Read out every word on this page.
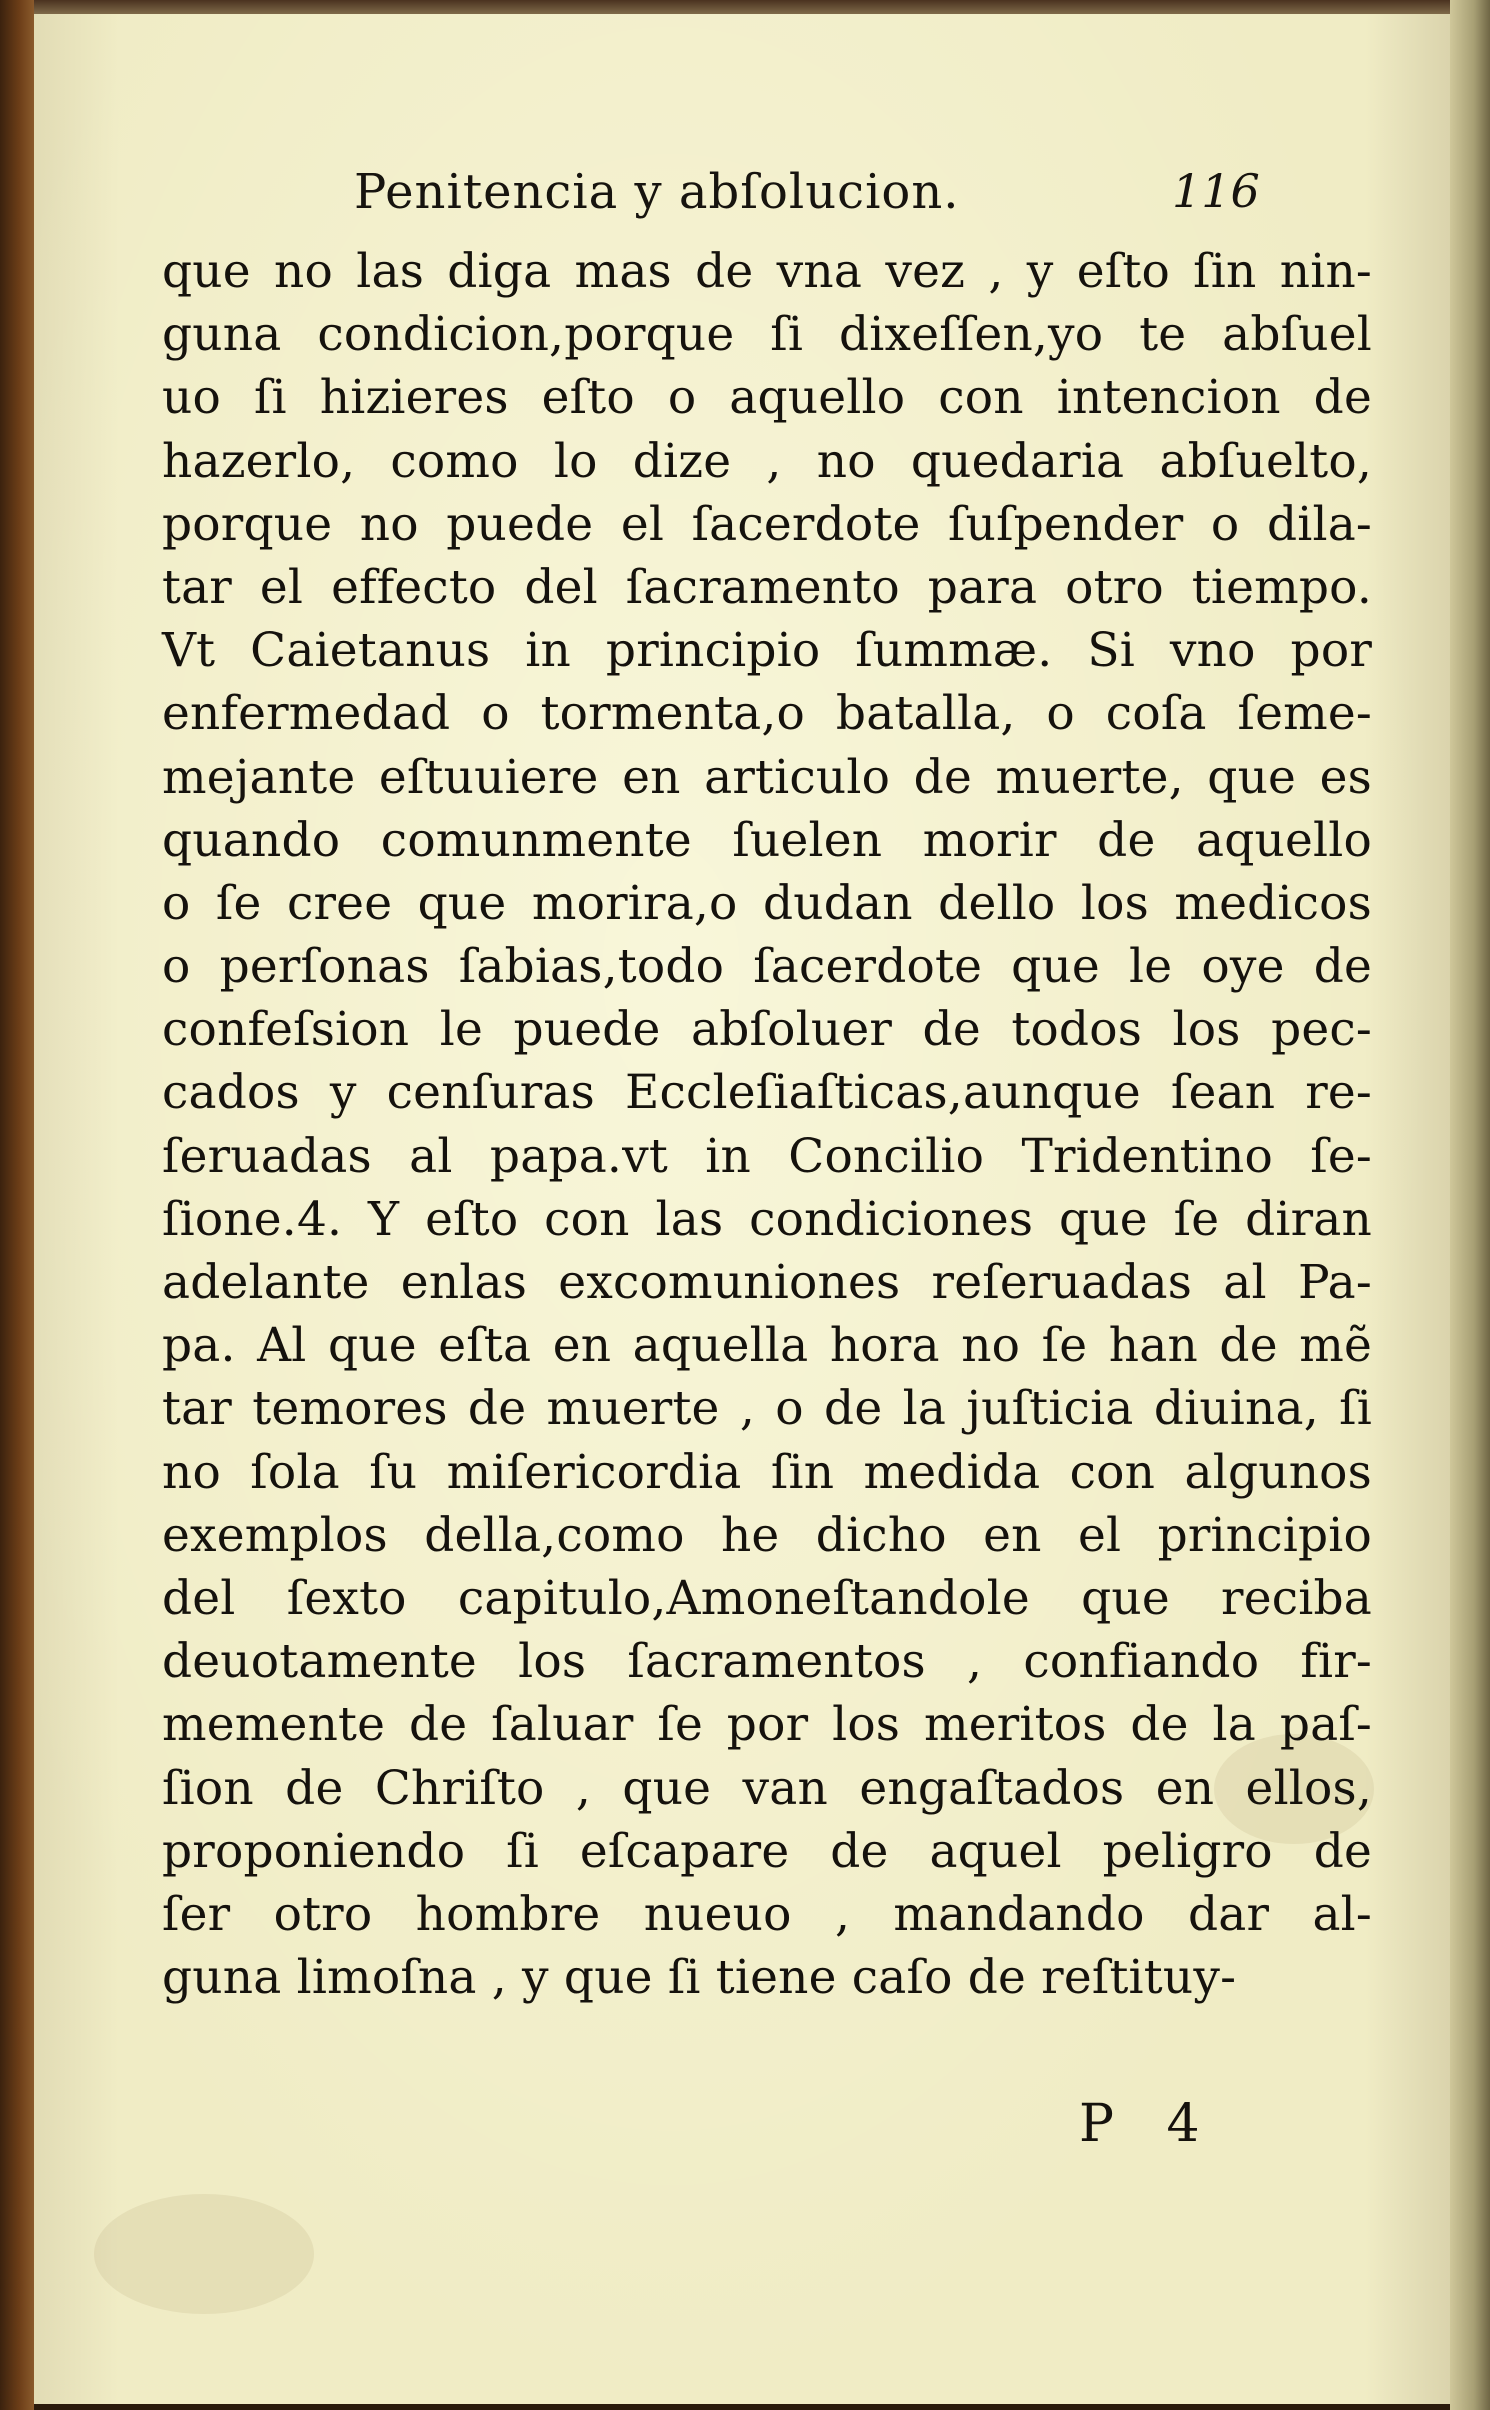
Penitencia y abſolucion.	116
que no las diga mas de vna vez , y eſto ſin nin-
guna condicion,porque ſi dixeſſen,yo te abſuel
uo ſi hizieres eſto o aquello con intencion de
hazerlo, como lo dize , no quedaria abſuelto,
porque no puede el ſacerdote ſuſpender o dila-
tar el effecto del ſacramento para otro tiempo.
Vt Caietanus in principio ſummæ. Si vno por
enfermedad o tormenta,o batalla, o coſa ſeme-
mejante eſtuuiere en articulo de muerte, que es
quando comunmente ſuelen morir de aquello
o ſe cree que morira,o dudan dello los medicos
o perſonas ſabias,todo ſacerdote que le oye de
confeſsion le puede abſoluer de todos los pec-
cados y cenſuras Eccleſiaſticas,aunque ſean re-
ſeruadas al papa.vt in Concilio Tridentino ſe-
ſione.4. Y eſto con las condiciones que ſe diran
adelante enlas excomuniones reſeruadas al Pa-
pa. Al que eſta en aquella hora no ſe han de mẽ
tar temores de muerte , o de la juſticia diuina, ſi
no ſola ſu miſericordia ſin medida con algunos
exemplos della,como he dicho en el principio
del ſexto capitulo,Amoneſtandole que reciba
deuotamente los ſacramentos , confiando fir-
memente de ſaluar ſe por los meritos de la paſ-
ſion de Chriſto , que van engaſtados en ellos,
proponiendo ſi eſcapare de aquel peligro de
ſer otro hombre nueuo , mandando dar al-
guna limoſna , y que ſi tiene caſo de reſtituy-
P 4
